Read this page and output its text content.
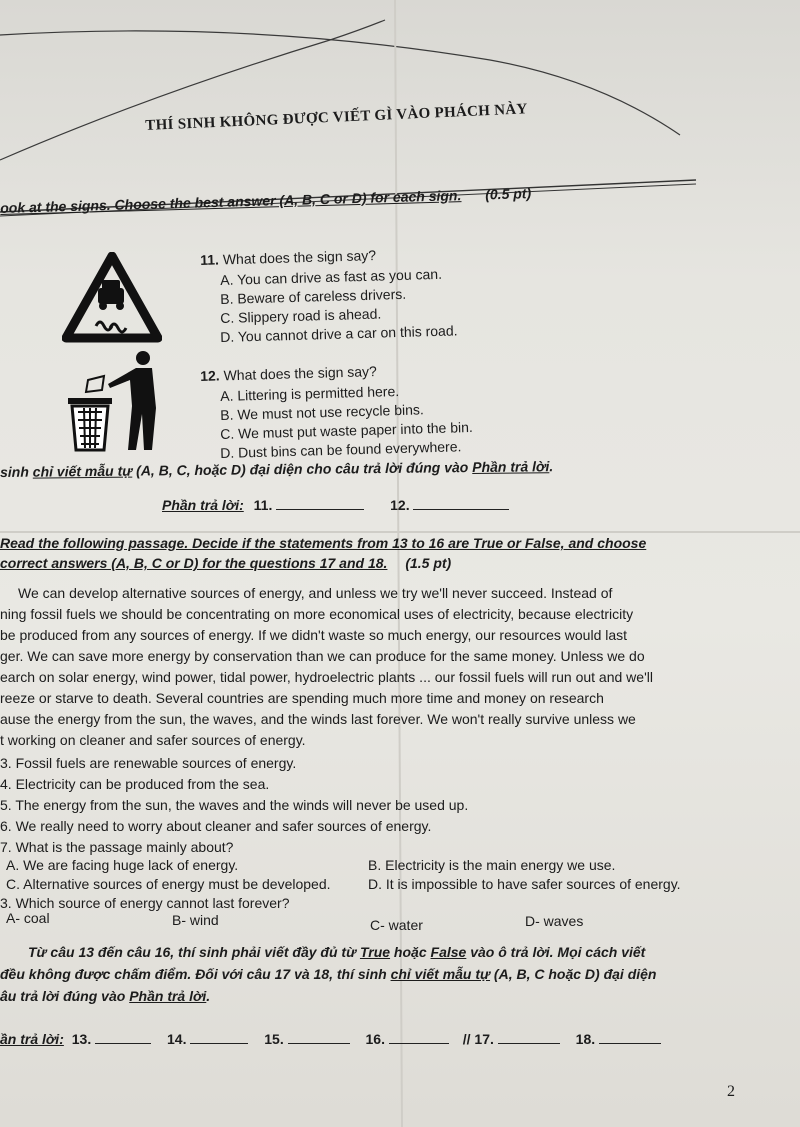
THÍ SINH KHÔNG ĐƯỢC VIẾT GÌ VÀO PHÁCH NÀY
ook at the signs. Choose the best answer (A, B, C or D) for each sign. (0.5 pt)
11. What does the sign say?
A. You can drive as fast as you can.
B. Beware of careless drivers.
C. Slippery road is ahead.
D. You cannot drive a car on this road.
12. What does the sign say?
A. Littering is permitted here.
B. We must not use recycle bins.
C. We must put waste paper into the bin.
D. Dust bins can be found everywhere.
sinh chỉ viết mẫu tự (A, B, C, hoặc D) đại diện cho câu trả lời đúng vào Phần trả lời.
Phần trả lời: 11.	12.
Read the following passage. Decide if the statements from 13 to 16 are True or False, and choose
correct answers (A, B, C or D) for the questions 17 and 18. (1.5 pt)
We can develop alternative sources of energy, and unless we try we'll never succeed. Instead of
ning fossil fuels we should be concentrating on more economical uses of electricity, because electricity
be produced from any sources of energy. If we didn't waste so much energy, our resources would last
ger. We can save more energy by conservation than we can produce for the same money. Unless we do
earch on solar energy, wind power, tidal power, hydroelectric plants ... our fossil fuels will run out and we'll
reeze or starve to death. Several countries are spending much more time and money on research
ause the energy from the sun, the waves, and the winds last forever. We won't really survive unless we
t working on cleaner and safer sources of energy.
3. Fossil fuels are renewable sources of energy.
4. Electricity can be produced from the sea.
5. The energy from the sun, the waves and the winds will never be used up.
6. We really need to worry about cleaner and safer sources of energy.
7. What is the passage mainly about?
A. We are facing huge lack of energy.	B. Electricity is the main energy we use.
C. Alternative sources of energy must be developed.	D. It is impossible to have safer sources of energy.
3. Which source of energy cannot last forever?
A- coal	B- wind	C- water	D- waves
Từ câu 13 đến câu 16, thí sinh phải viết đầy đủ từ True hoặc False vào ô trả lời. Mọi cách viết
đều không được chấm điểm. Đối với câu 17 và 18, thí sinh chỉ viết mẫu tự (A, B, C hoặc D) đại diện
âu trả lời đúng vào Phần trả lời.
ần trả lời: 13.	14.	15.	16.	// 17.	18.
2
